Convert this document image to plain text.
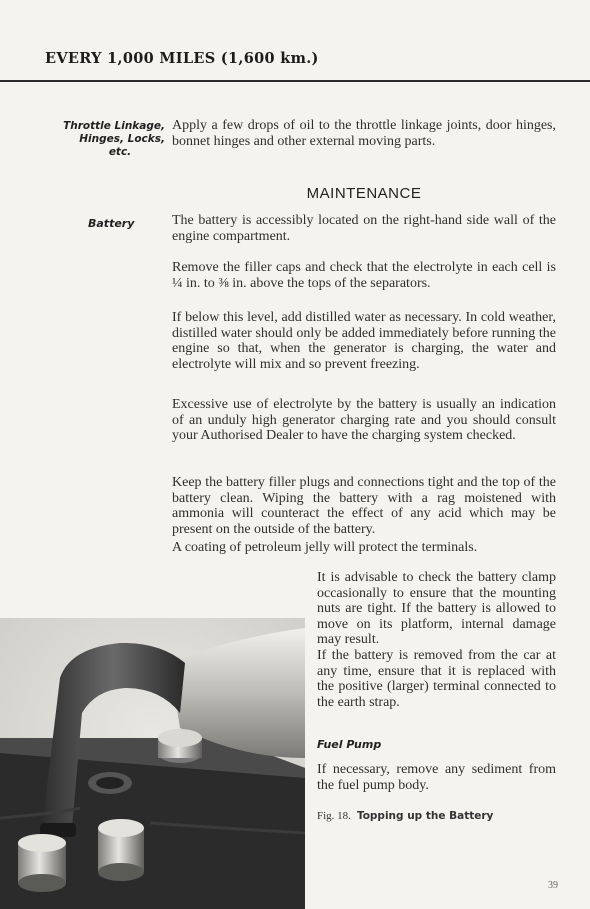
EVERY 1,000 MILES (1,600 km.)
Throttle Linkage,
Hinges, Locks,
etc.
Apply a few drops of oil to the throttle linkage joints, door hinges, bonnet hinges and other external moving parts.
MAINTENANCE
Battery	The battery is accessibly located on the right-hand side wall of the engine compartment.
Remove the filler caps and check that the electrolyte in each cell is ¼ in. to ⅜ in. above the tops of the separators.
If below this level, add distilled water as necessary. In cold weather, distilled water should only be added immediately before running the engine so that, when the generator is charging, the water and electrolyte will mix and so prevent freezing.
Excessive use of electrolyte by the battery is usually an indication of an unduly high generator charging rate and you should consult your Authorised Dealer to have the charging system checked.
Keep the battery filler plugs and connections tight and the top of the battery clean. Wiping the battery with a rag moistened with ammonia will counteract the effect of any acid which may be present on the outside of the battery.
A coating of petroleum jelly will protect the terminals.
It is advisable to check the battery clamp occasionally to ensure that the mounting nuts are tight. If the battery is allowed to move on its platform, internal damage may result.
If the battery is removed from the car at any time, ensure that it is replaced with the positive (larger) terminal connected to the earth strap.
Fuel Pump
If necessary, remove any sediment from the fuel pump body.
Fig. 18. Topping up the Battery
39
